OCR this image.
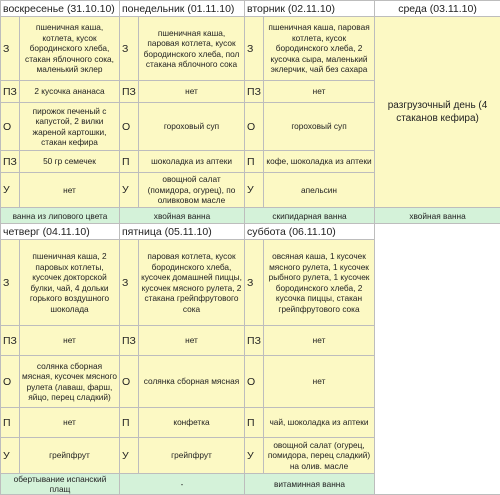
воскресенье (31.10.10)		понедельник (01.11.10)		вторник (02.11.10)		среда (03.11.10)
З	пшеничная каша, котлета, кусок бородинского хлеба, стакан яблочного сока, маленький эклер	З	пшеничная каша, паровая котлета, кусок бородинского хлеба, пол стакана яблочного сока	З	пшеничная каша, паровая котлета, кусок бородинского хлеба, 2 кусочка сыра, маленький эклерчик, чай без сахара	разгрузочный день (4 стаканов кефира)
ПЗ	2 кусочка ананаса	ПЗ	нет	ПЗ	нет	
О	пирожок печеный с капустой, 2 вилки жареной картошки, стакан кефира	О	гороховый суп	О	гороховый суп	
ПЗ	50 гр семечек	П	шоколадка из аптеки	П	кофе, шоколадка из аптеки	
У	нет	У	овощной салат (помидора, огурец), по оливковом масле	У	апельсин	
ванна из липового цвета		хвойная ванна		скипидарная ванна		хвойная ванна
четверг (04.11.10)		пятница (05.11.10)		суббота (06.11.10)		
З	пшеничная каша, 2 паровых котлеты, кусочек докторской булки, чай, 4 дольки горького воздушного шоколада	З	паровая котлета, кусок бородинского хлеба, кусочек домашней пиццы, кусочек мясного рулета, 2 стакана грейпфрутового сока	З	овсяная каша, 1 кусочек мясного рулета, 1 кусочек рыбного рулета, 1 кусочек бородинского хлеба, 2 кусочка пиццы, стакан грейпфрутового сока	
ПЗ	нет	ПЗ	нет	ПЗ	нет	
О	солянка сборная мясная, кусочек мясного рулета (лаваш, фарш, яйцо, перец сладкий)	О	солянка сборная мясная	О	нет	
П	нет	П	конфетка	П	чай, шоколадка из аптеки	
У	грейпфрут	У	грейпфрут	У	овощной салат (огурец, помидора, перец сладкий) на олив. масле	
обертывание испанский плащ		-		витаминная ванна		
